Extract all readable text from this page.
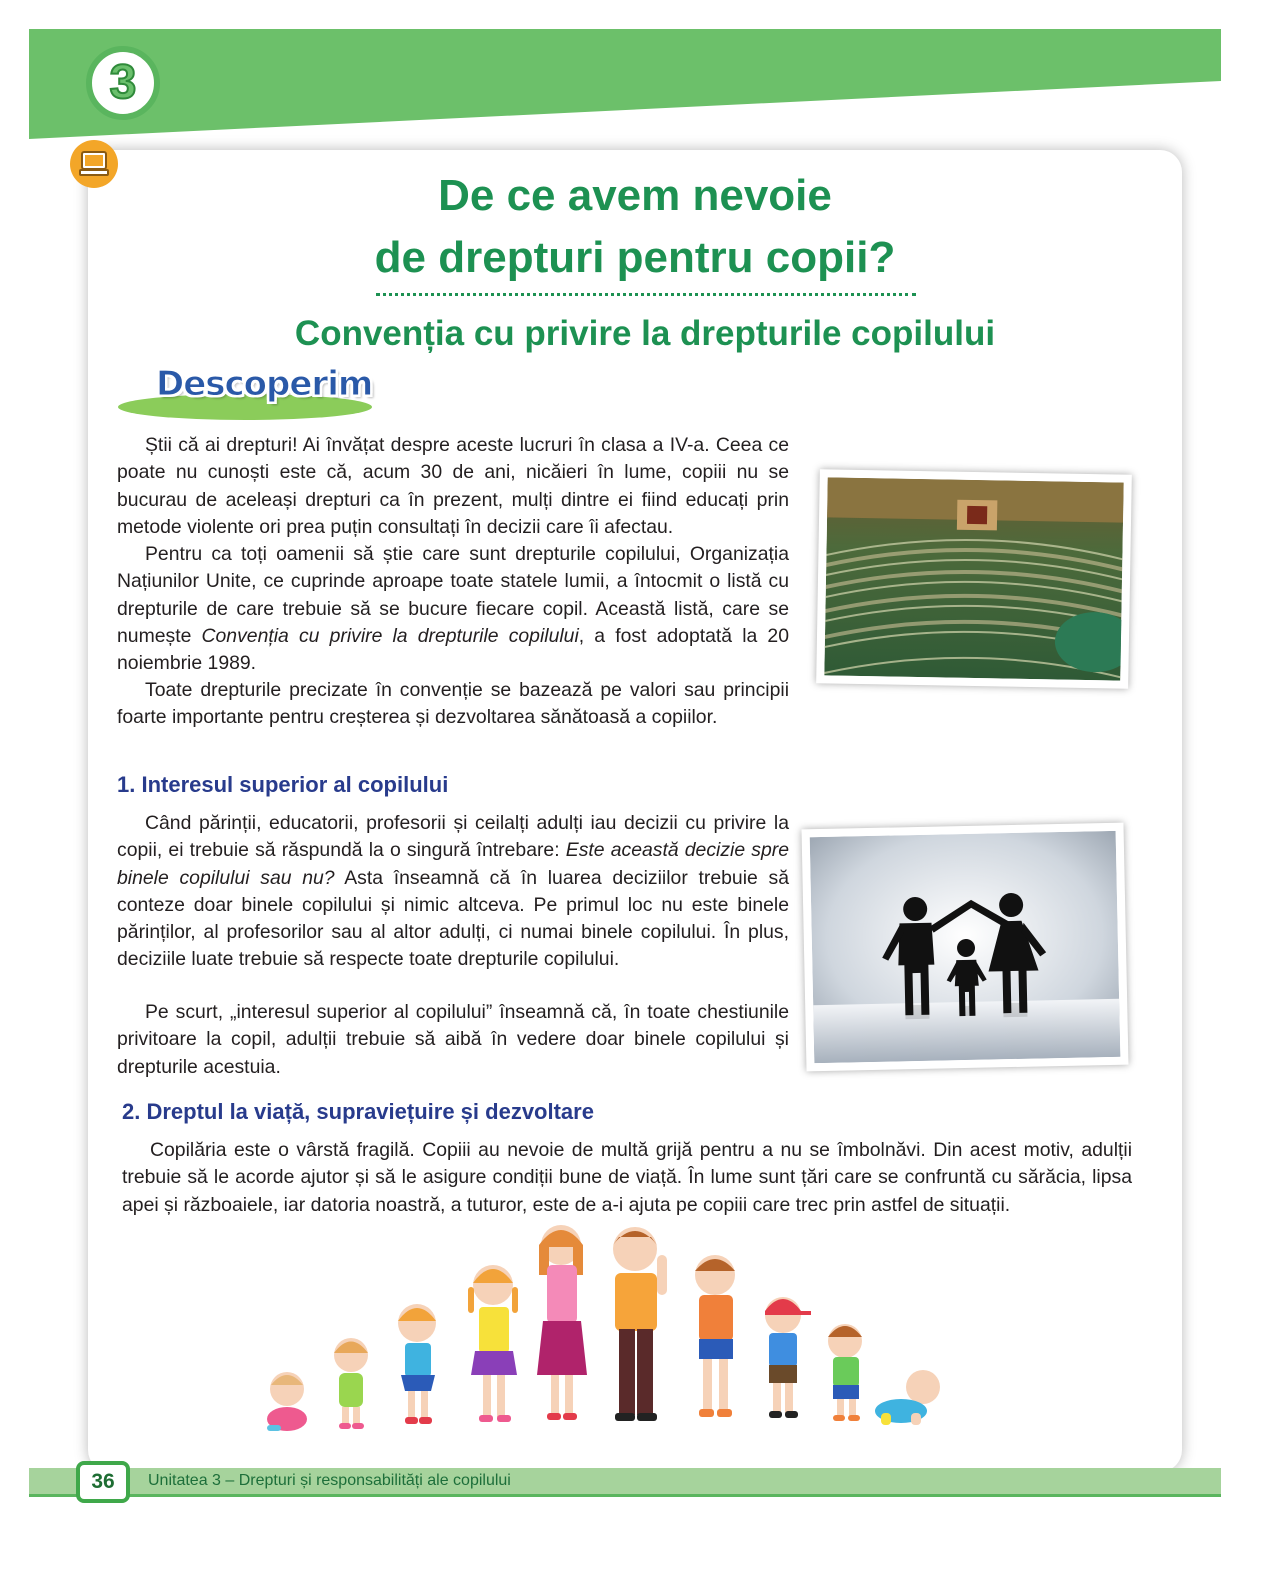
3
De ce avem nevoie
de drepturi pentru copii?
Convenția cu privire la drepturile copilului
Descoperim

Știi că ai drepturi! Ai învățat despre aceste lucruri în clasa a IV-a. Ceea ce poate nu cunoști este că, acum 30 de ani, nicăieri în lume, copiii nu se bucurau de aceleași drepturi ca în prezent, mulți dintre ei fiind educați prin metode violente ori prea puțin consultați în decizii care îi afectau.

Pentru ca toți oamenii să știe care sunt drepturile copilului, Organizația Națiunilor Unite, ce cuprinde aproape toate statele lumii, a întocmit o listă cu drepturile de care trebuie să se bucure fiecare copil. Această listă, care se numește Convenția cu privire la drepturile copilului, a fost adoptată la 20 noiembrie 1989.

Toate drepturile precizate în convenție se bazează pe valori sau principii foarte importante pentru creșterea și dezvoltarea sănătoasă a copiilor.

1. Interesul superior al copilului

Când părinții, educatorii, profesorii și ceilalți adulți iau decizii cu privire la copii, ei trebuie să răspundă la o singură întrebare: Este această decizie spre binele copilului sau nu? Asta înseamnă că în luarea deciziilor trebuie să conteze doar binele copilului și nimic altceva. Pe primul loc nu este binele părinților, al profesorilor sau al altor adulți, ci numai binele copilului. În plus, deciziile luate trebuie să respecte toate drepturile copilului.

Pe scurt, „interesul superior al copilului” înseamnă că, în toate chestiunile privitoare la copil, adulții trebuie să aibă în vedere doar binele copilului și drepturile acestuia.

2. Dreptul la viață, supraviețuire și dezvoltare

Copilăria este o vârstă fragilă. Copiii au nevoie de multă grijă pentru a nu se îmbolnăvi. Din acest motiv, adulții trebuie să le acorde ajutor și să le asigure condiții bune de viață. În lume sunt țări care se confruntă cu sărăcia, lipsa apei și războaiele, iar datoria noastră, a tuturor, este de a-i ajuta pe copiii care trec prin astfel de situații.

36	Unitatea 3 – Drepturi și responsabilități ale copilului
